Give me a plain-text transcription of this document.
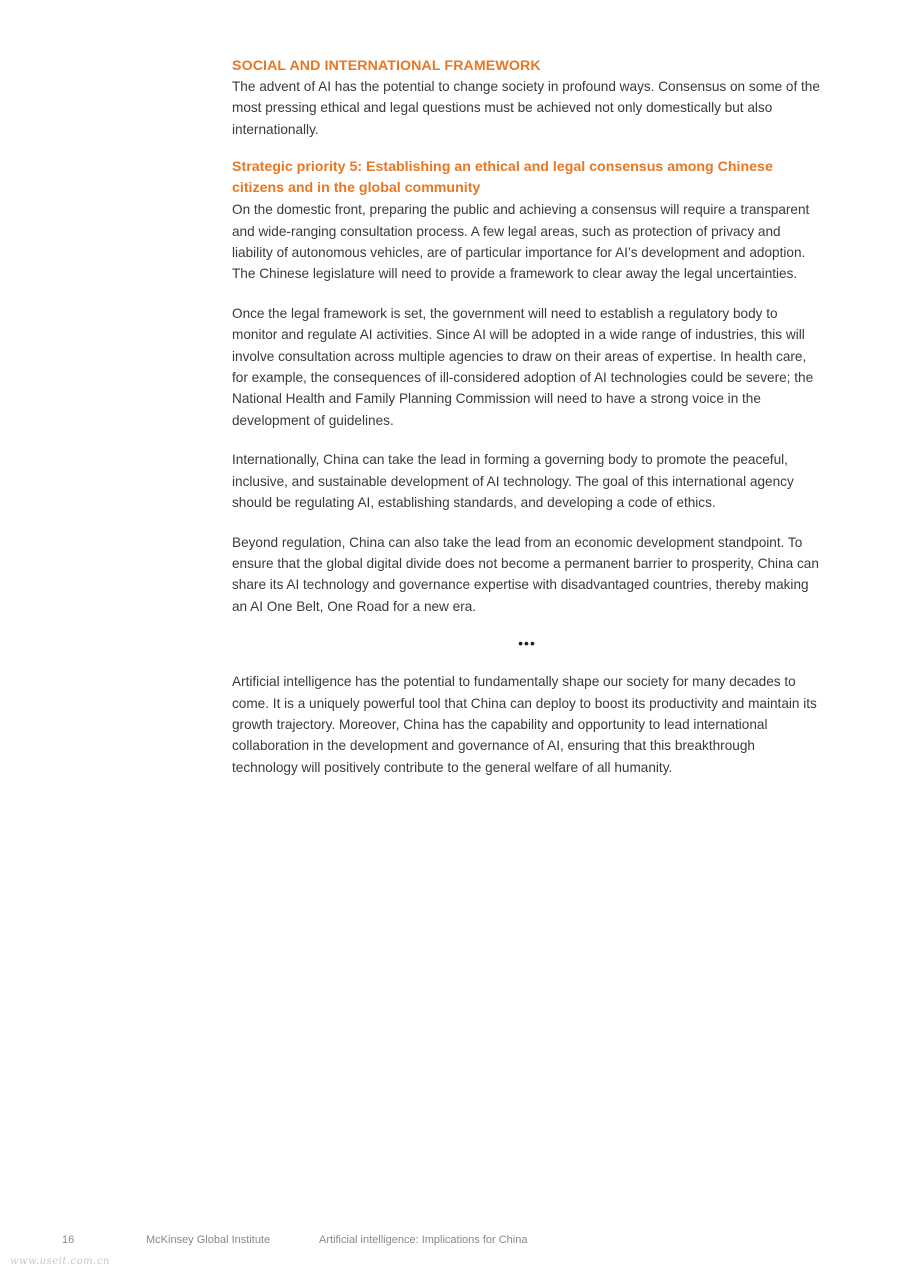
SOCIAL AND INTERNATIONAL FRAMEWORK

The advent of AI has the potential to change society in profound ways. Consensus on some of the most pressing ethical and legal questions must be achieved not only domestically but also internationally.

Strategic priority 5: Establishing an ethical and legal consensus among Chinese citizens and in the global community

On the domestic front, preparing the public and achieving a consensus will require a transparent and wide-ranging consultation process. A few legal areas, such as protection of privacy and liability of autonomous vehicles, are of particular importance for AI’s development and adoption. The Chinese legislature will need to provide a framework to clear away the legal uncertainties.

Once the legal framework is set, the government will need to establish a regulatory body to monitor and regulate AI activities. Since AI will be adopted in a wide range of industries, this will involve consultation across multiple agencies to draw on their areas of expertise. In health care, for example, the consequences of ill-considered adoption of AI technologies could be severe; the National Health and Family Planning Commission will need to have a strong voice in the development of guidelines.

Internationally, China can take the lead in forming a governing body to promote the peaceful, inclusive, and sustainable development of AI technology. The goal of this international agency should be regulating AI, establishing standards, and developing a code of ethics.

Beyond regulation, China can also take the lead from an economic development standpoint. To ensure that the global digital divide does not become a permanent barrier to prosperity, China can share its AI technology and governance expertise with disadvantaged countries, thereby making an AI One Belt, One Road for a new era.

•••

Artificial intelligence has the potential to fundamentally shape our society for many decades to come. It is a uniquely powerful tool that China can deploy to boost its productivity and maintain its growth trajectory. Moreover, China has the capability and opportunity to lead international collaboration in the development and governance of AI, ensuring that this breakthrough technology will positively contribute to the general welfare of all humanity.

16	McKinsey Global Institute	Artificial intelligence: Implications for China
www.useit.com.cn
